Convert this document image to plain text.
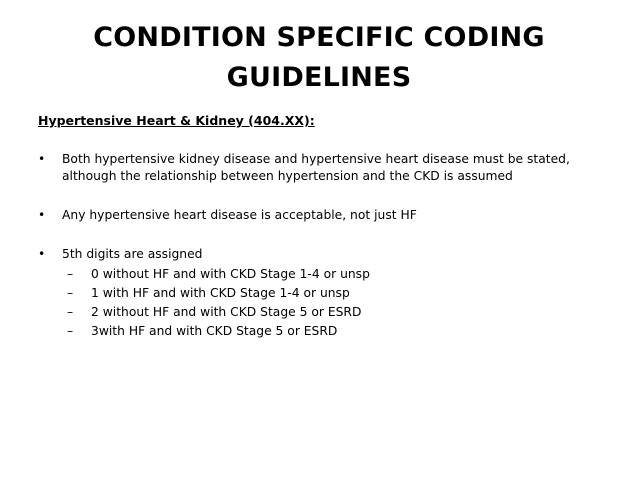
CONDITION SPECIFIC CODING
GUIDELINES
Hypertensive Heart & Kidney (404.XX):
•	Both hypertensive kidney disease and hypertensive heart disease must be stated,
although the relationship between hypertension and the CKD is assumed
•	Any hypertensive heart disease is acceptable, not just HF
•	5th digits are assigned
–	0 without HF and with CKD Stage 1-4 or unsp
–	1 with HF and with CKD Stage 1-4 or unsp
–	2 without HF and with CKD Stage 5 or ESRD
–	3with HF and with CKD Stage 5 or ESRD
